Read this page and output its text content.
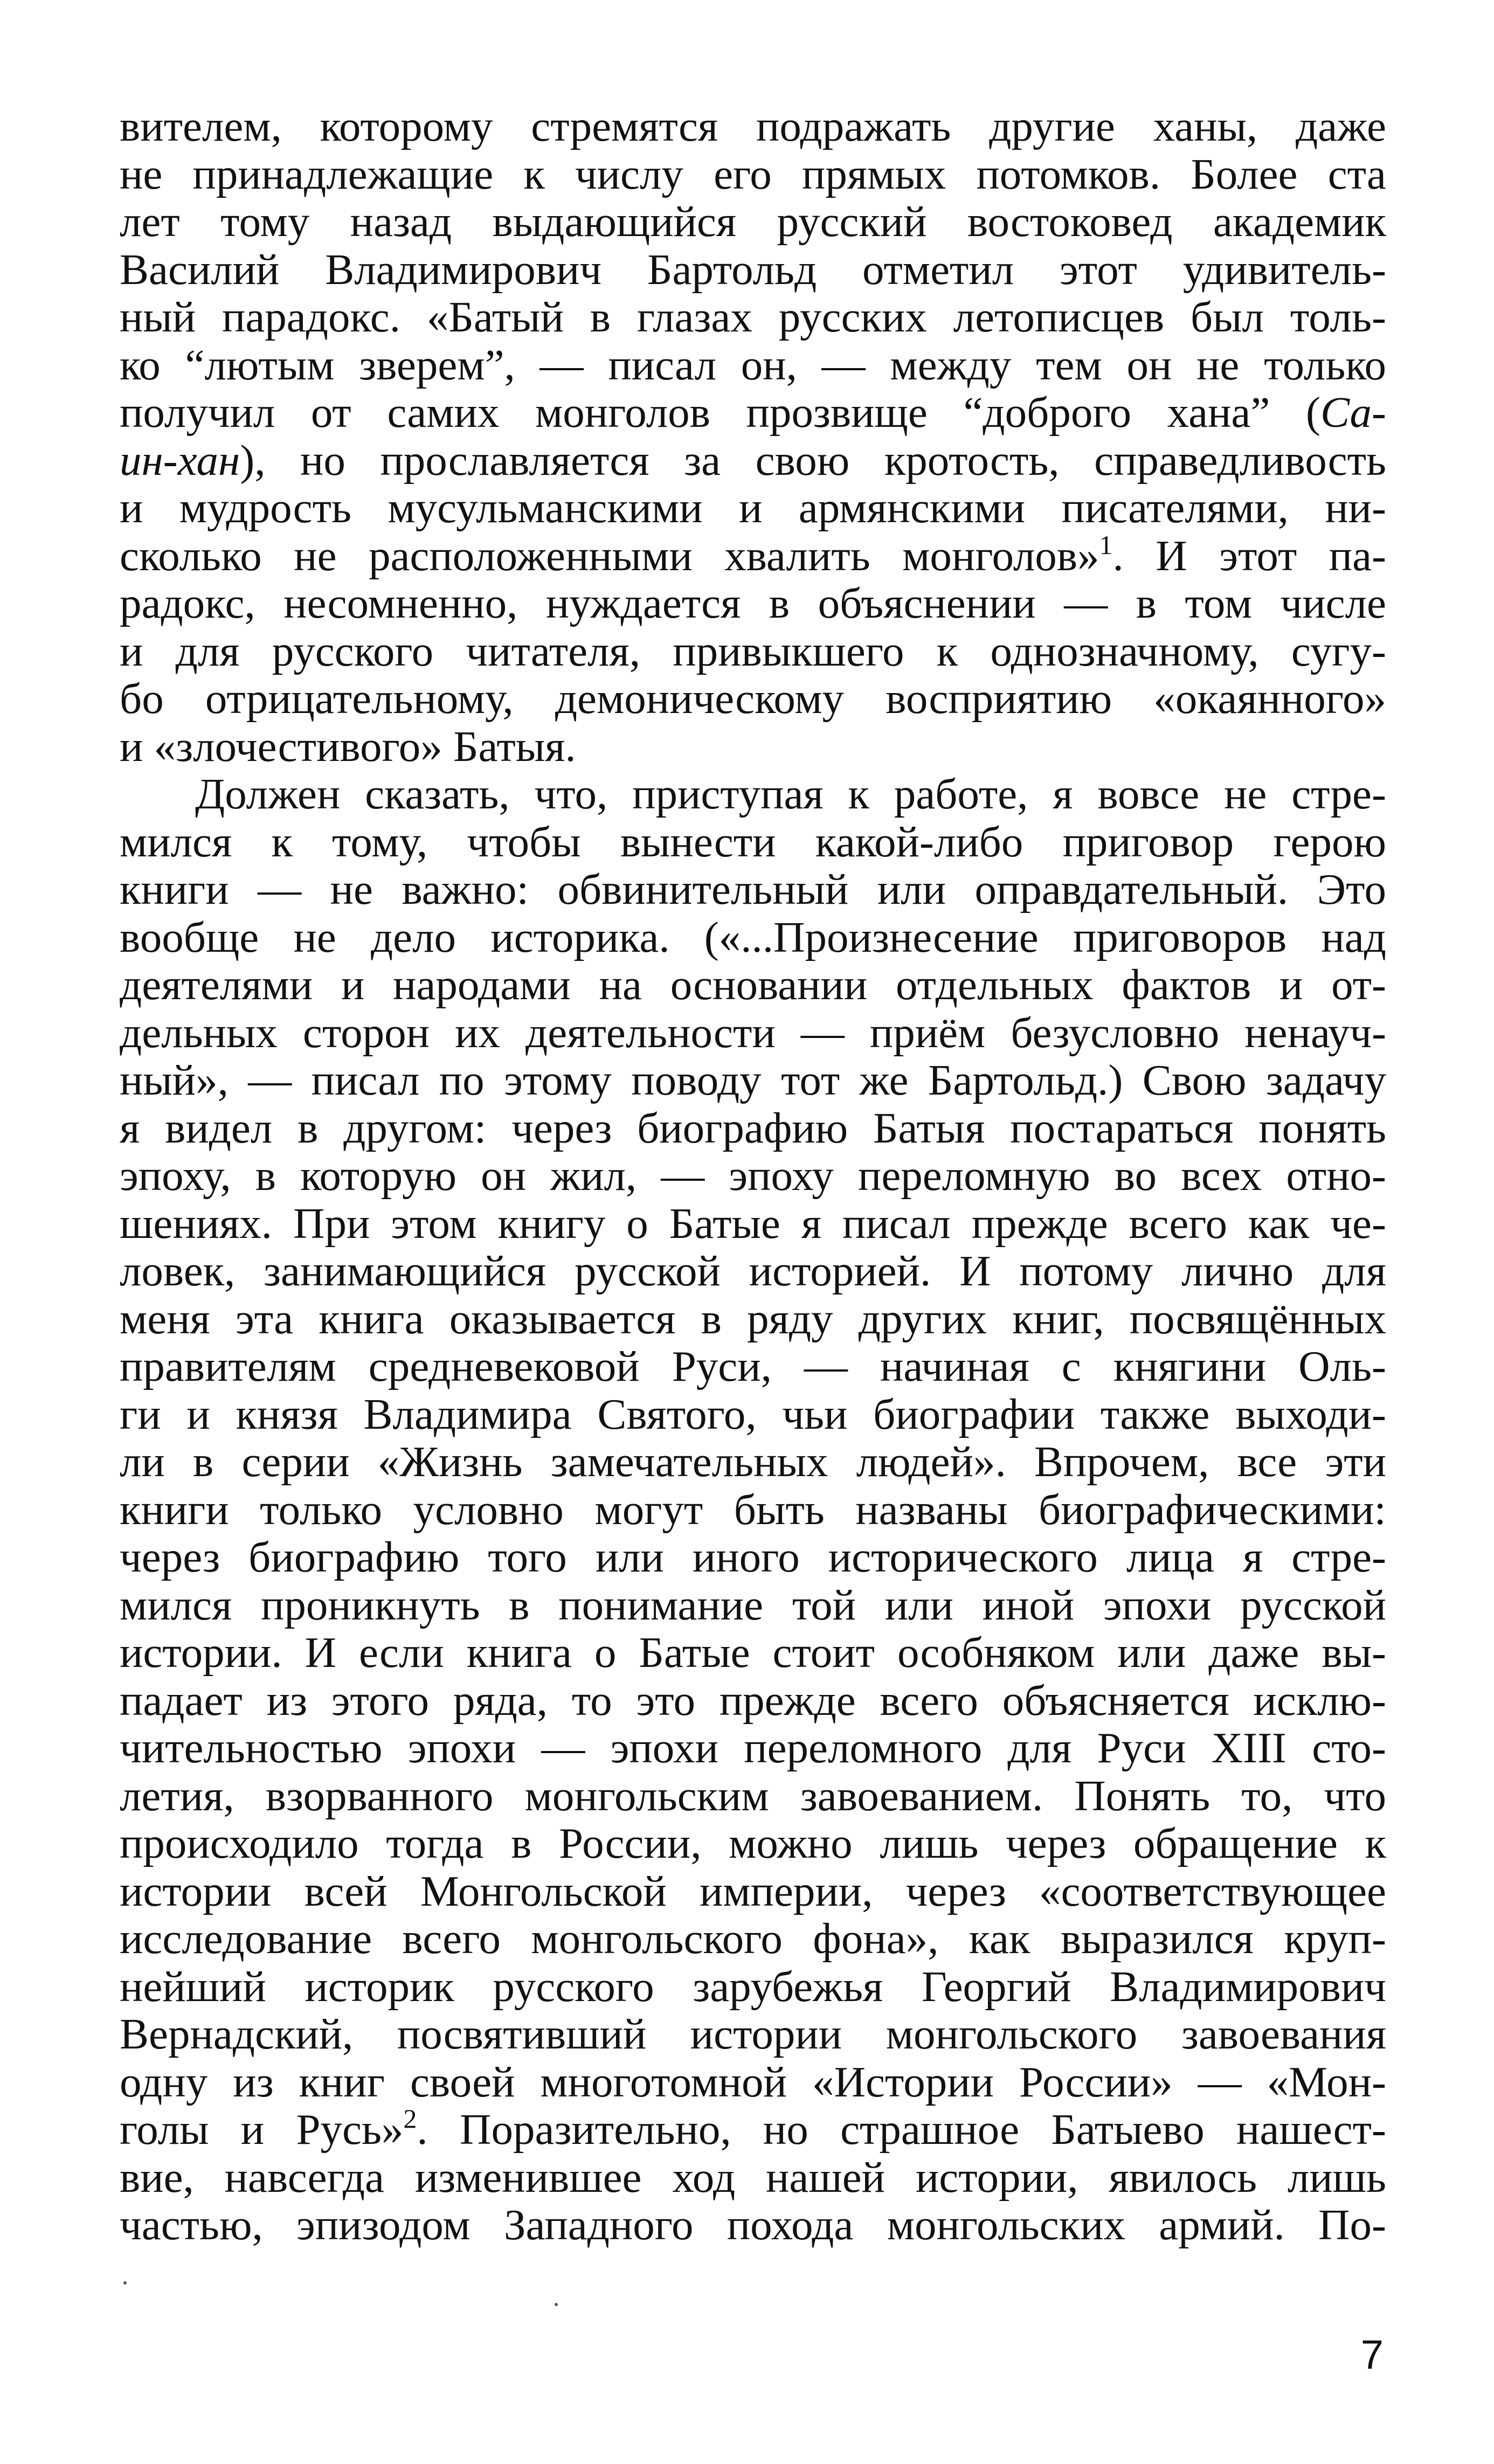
вителем, которому стремятся подражать другие ханы, даже
не принадлежащие к числу его прямых потомков. Более ста
лет тому назад выдающийся русский востоковед академик
Василий Владимирович Бартольд отметил этот удивитель-
ный парадокс. «Батый в глазах русских летописцев был толь-
ко “лютым зверем”, — писал он, — между тем он не только
получил от самих монголов прозвище “доброго хана” (Са-
ин-хан), но прославляется за свою кротость, справедливость
и мудрость мусульманскими и армянскими писателями, ни-
сколько не расположенными хвалить монголов»$^1$. И этот па-
радокс, несомненно, нуждается в объяснении — в том числе
и для русского читателя, привыкшего к однозначному, сугу-
бо отрицательному, демоническому восприятию «окаянного»
и «злочестивого» Батыя.
Должен сказать, что, приступая к работе, я вовсе не стре-
мился к тому, чтобы вынести какой-либо приговор герою
книги — не важно: обвинительный или оправдательный. Это
вообще не дело историка. («...Произнесение приговоров над
деятелями и народами на основании отдельных фактов и от-
дельных сторон их деятельности — приём безусловно ненауч-
ный», — писал по этому поводу тот же Бартольд.) Свою задачу
я видел в другом: через биографию Батыя постараться понять
эпоху, в которую он жил, — эпоху переломную во всех отно-
шениях. При этом книгу о Батые я писал прежде всего как че-
ловек, занимающийся русской историей. И потому лично для
меня эта книга оказывается в ряду других книг, посвящённых
правителям средневековой Руси, — начиная с княгини Оль-
ги и князя Владимира Святого, чьи биографии также выходи-
ли в серии «Жизнь замечательных людей». Впрочем, все эти
книги только условно могут быть названы биографическими:
через биографию того или иного исторического лица я стре-
мился проникнуть в понимание той или иной эпохи русской
истории. И если книга о Батые стоит особняком или даже вы-
падает из этого ряда, то это прежде всего объясняется исклю-
чительностью эпохи — эпохи переломного для Руси XIII сто-
летия, взорванного монгольским завоеванием. Понять то, что
происходило тогда в России, можно лишь через обращение к
истории всей Монгольской империи, через «соответствующее
исследование всего монгольского фона», как выразился круп-
нейший историк русского зарубежья Георгий Владимирович
Вернадский, посвятивший истории монгольского завоевания
одну из книг своей многотомной «Истории России» — «Мон-
голы и Русь»$^2$. Поразительно, но страшное Батыево нашест-
вие, навсегда изменившее ход нашей истории, явилось лишь
частью, эпизодом Западного похода монгольских армий. По-
7
